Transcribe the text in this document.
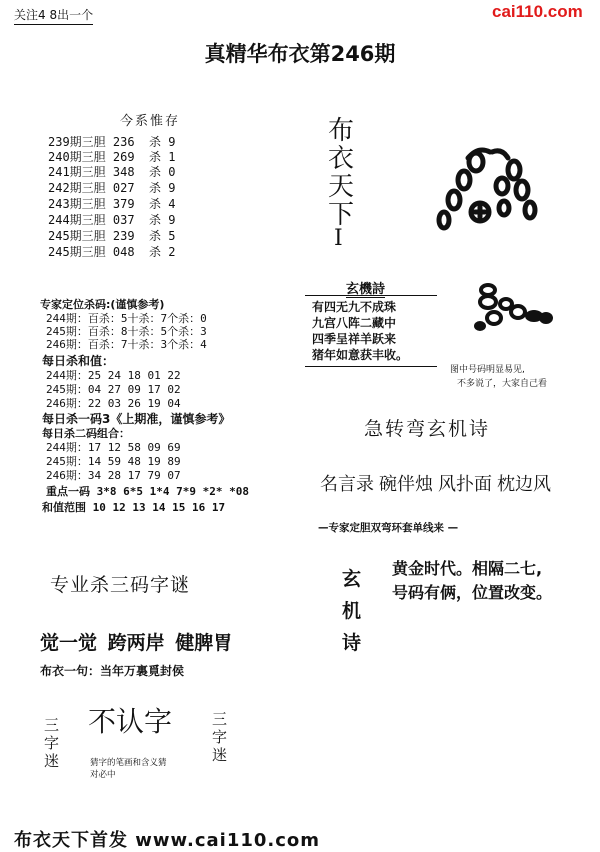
关注4 8出一个	cai110.com
真精华布衣第246期
今系惟存
239期三胆 236  杀 9
240期三胆 269  杀 1
241期三胆 348  杀 0
242期三胆 027  杀 9
243期三胆 379  杀 4
244期三胆 037  杀 9
245期三胆 239  杀 5
245期三胆 048  杀 2
专家定位杀码:(谨慎参考)
244期：百杀：5十杀：7个杀：0
245期：百杀：8十杀：5个杀：3
246期：百杀：7十杀：3个杀：4
每日杀和值：
244期：25 24 18 01 22
245期：04 27 09 17 02
246期：22 03 26 19 04
每日杀一码3《上期准，谨慎参考》
每日杀二码组合：
244期：17 12 58 09 69
245期：14 59 48 19 89
246期：34 28 17 79 07
重点一码 3*8 6*5 1*4 7*9 *2* *08
和值范围 10 12 13 14 15 16 17
布
衣
天
下
I
玄機詩
有四无九不成珠
九宫八阵二藏中
四季呈祥羊跃来
猪年如意获丰收。
图中号码明显易见,
不多说了，大家自己看
急转弯玄机诗
名言录 碗伴烛 风扑面 枕边风
—专家定胆双弯环套单线来 —
玄
机
诗
黄金时代。相隔二七,
号码有俩，位置改变。
专业杀三码字谜
觉一觉 跨两岸 健脾胃
布衣一句：当年万裏覓封侯
三
字
迷
不认字
猜字的笔画和含义猜
对必中
三
字
迷
布衣天下首发 www.cai110.com
